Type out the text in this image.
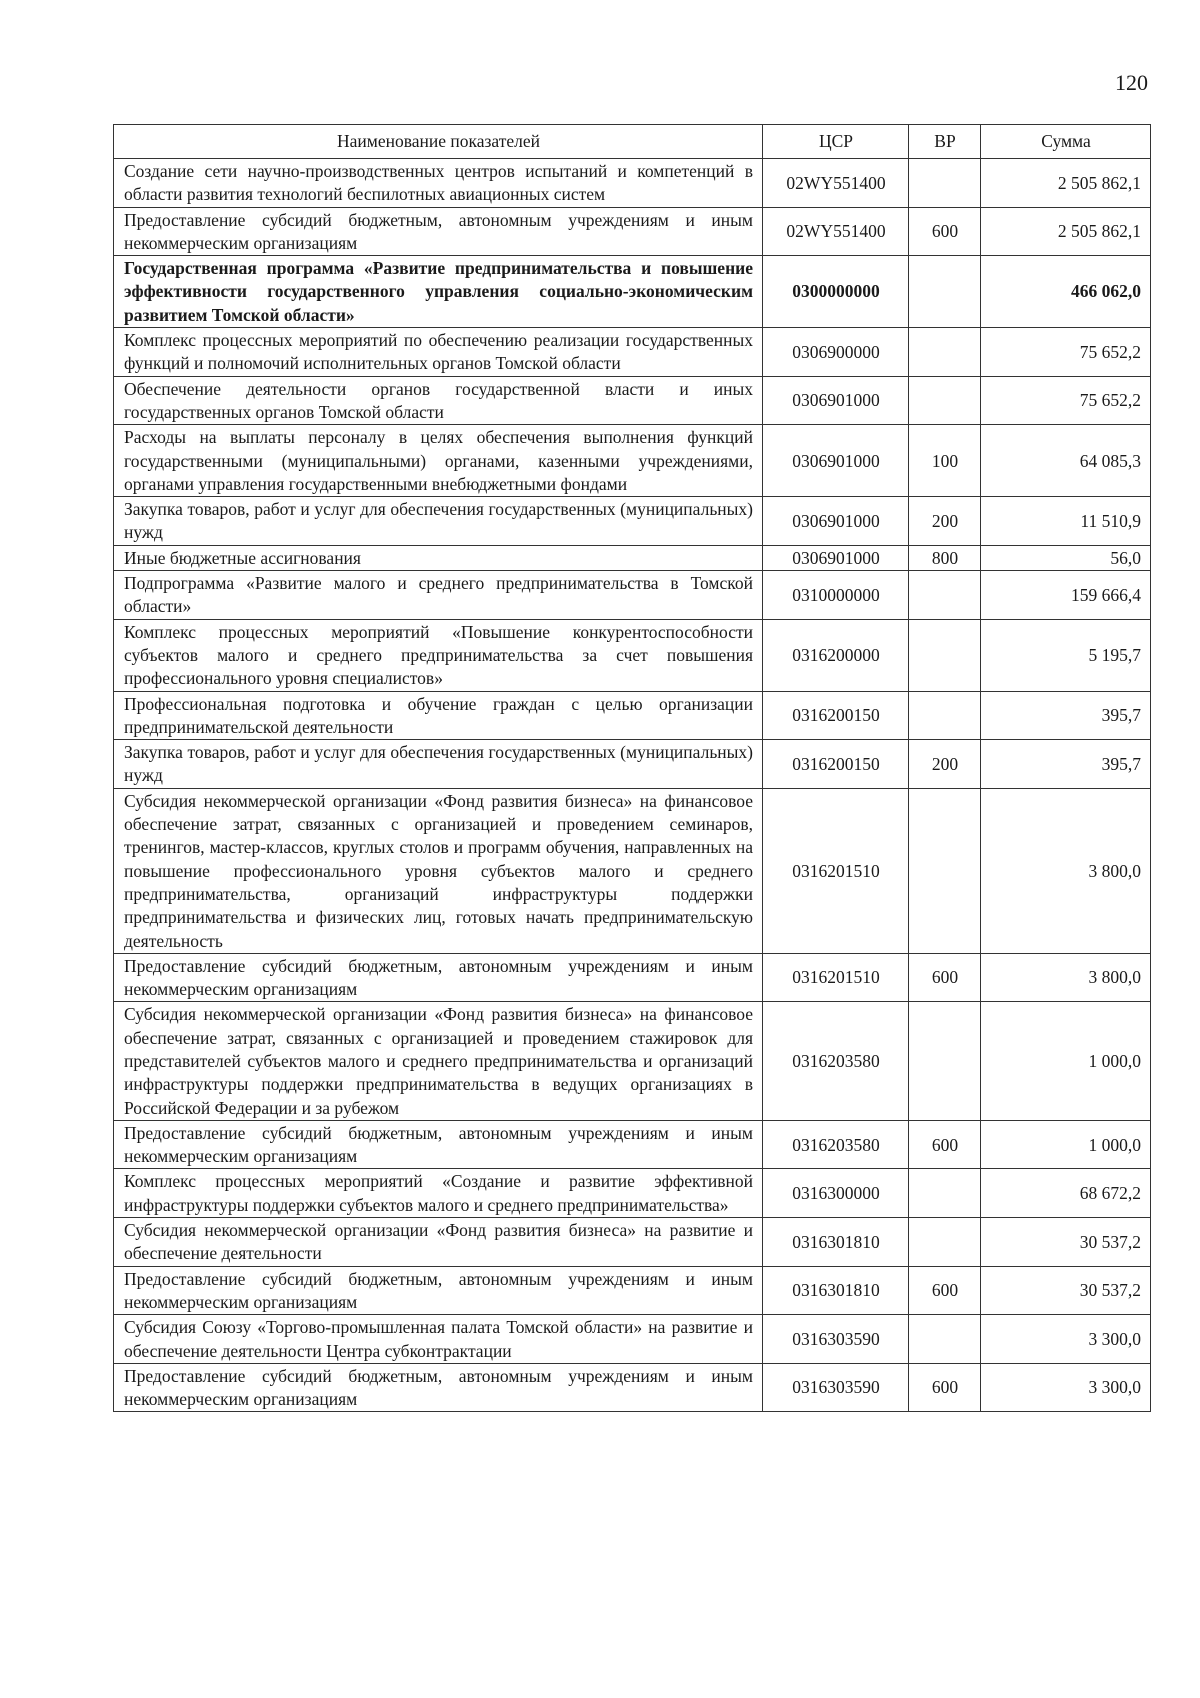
120
Наименование показателей	ЦСР	ВР	Сумма
Создание сети научно-производственных центров испытаний и компетенций в области развития технологий беспилотных авиационных систем	02WY551400		2 505 862,1
Предоставление субсидий бюджетным, автономным учреждениям и иным некоммерческим организациям	02WY551400	600	2 505 862,1
Государственная программа «Развитие предпринимательства и повышение эффективности государственного управления социально-экономическим развитием Томской области»	0300000000		466 062,0
Комплекс процессных мероприятий по обеспечению реализации государственных функций и полномочий исполнительных органов Томской области	0306900000		75 652,2
Обеспечение деятельности органов государственной власти и иных государственных органов Томской области	0306901000		75 652,2
Расходы на выплаты персоналу в целях обеспечения выполнения функций государственными (муниципальными) органами, казенными учреждениями, органами управления государственными внебюджетными фондами	0306901000	100	64 085,3
Закупка товаров, работ и услуг для обеспечения государственных (муниципальных) нужд	0306901000	200	11 510,9
Иные бюджетные ассигнования	0306901000	800	56,0
Подпрограмма «Развитие малого и среднего предпринимательства в Томской области»	0310000000		159 666,4
Комплекс процессных мероприятий «Повышение конкурентоспособности субъектов малого и среднего предпринимательства за счет повышения профессионального уровня специалистов»	0316200000		5 195,7
Профессиональная подготовка и обучение граждан с целью организации предпринимательской деятельности	0316200150		395,7
Закупка товаров, работ и услуг для обеспечения государственных (муниципальных) нужд	0316200150	200	395,7
Субсидия некоммерческой организации «Фонд развития бизнеса» на финансовое обеспечение затрат, связанных с организацией и проведением семинаров, тренингов, мастер-классов, круглых столов и программ обучения, направленных на повышение профессионального уровня субъектов малого и среднего предпринимательства, организаций инфраструктуры поддержки предпринимательства и физических лиц, готовых начать предпринимательскую деятельность	0316201510		3 800,0
Предоставление субсидий бюджетным, автономным учреждениям и иным некоммерческим организациям	0316201510	600	3 800,0
Субсидия некоммерческой организации «Фонд развития бизнеса» на финансовое обеспечение затрат, связанных с организацией и проведением стажировок для представителей субъектов малого и среднего предпринимательства и организаций инфраструктуры поддержки предпринимательства в ведущих организациях в Российской Федерации и за рубежом	0316203580		1 000,0
Предоставление субсидий бюджетным, автономным учреждениям и иным некоммерческим организациям	0316203580	600	1 000,0
Комплекс процессных мероприятий «Создание и развитие эффективной инфраструктуры поддержки субъектов малого и среднего предпринимательства»	0316300000		68 672,2
Субсидия некоммерческой организации «Фонд развития бизнеса» на развитие и обеспечение деятельности	0316301810		30 537,2
Предоставление субсидий бюджетным, автономным учреждениям и иным некоммерческим организациям	0316301810	600	30 537,2
Субсидия Союзу «Торгово-промышленная палата Томской области» на развитие и обеспечение деятельности Центра субконтрактации	0316303590		3 300,0
Предоставление субсидий бюджетным, автономным учреждениям и иным некоммерческим организациям	0316303590	600	3 300,0
